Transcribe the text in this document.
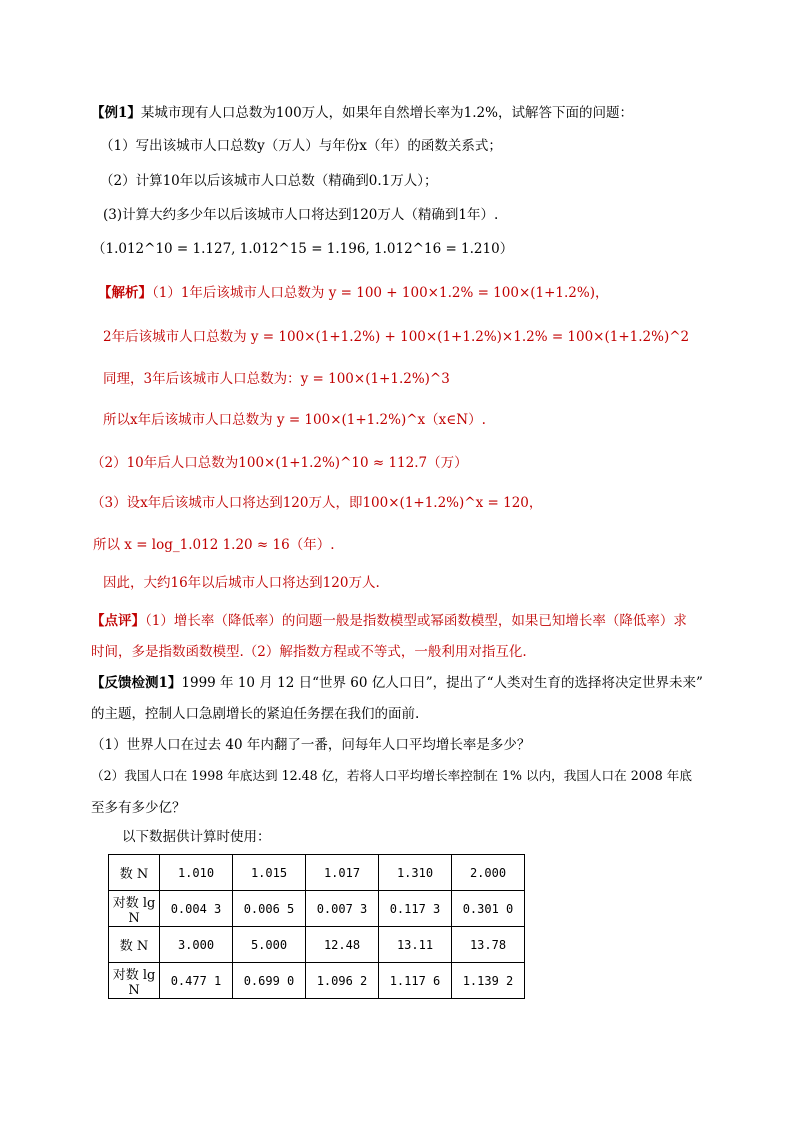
【例1】某城市现有人口总数为100万人，如果年自然增长率为1.2%，试解答下面的问题：
（1）写出该城市人口总数y（万人）与年份x（年）的函数关系式；
（2）计算10年以后该城市人口总数（精确到0.1万人）；
(3)计算大约多少年以后该城市人口将达到120万人（精确到1年）.
（1.012^10 = 1.127, 1.012^15 = 1.196, 1.012^16 = 1.210）
【解析】（1）1年后该城市人口总数为 y = 100 + 100×1.2% = 100×(1+1.2%)，
2年后该城市人口总数为 y = 100×(1+1.2%) + 100×(1+1.2%)×1.2% = 100×(1+1.2%)^2
同理，3年后该城市人口总数为：y = 100×(1+1.2%)^3
所以x年后该城市人口总数为 y = 100×(1+1.2%)^x（x∈N）.
（2）10年后人口总数为100×(1+1.2%)^10 ≈ 112.7（万）
（3）设x年后该城市人口将达到120万人，即100×(1+1.2%)^x = 120，
所以 x = log_1.012 1.20 ≈ 16（年）.
因此，大约16年以后城市人口将达到120万人.
【点评】（1）增长率（降低率）的问题一般是指数模型或幂函数模型，如果已知增长率（降低率）求
时间，多是指数函数模型.（2）解指数方程或不等式，一般利用对指互化.
【反馈检测1】1999 年 10 月 12 日“世界 60 亿人口日”，提出了“人类对生育的选择将决定世界未来”
的主题，控制人口急剧增长的紧迫任务摆在我们的面前.
（1）世界人口在过去 40 年内翻了一番，问每年人口平均增长率是多少？
（2）我国人口在 1998 年底达到 12.48 亿，若将人口平均增长率控制在 1% 以内，我国人口在 2008 年底
至多有多少亿？
以下数据供计算时使用：
数 N	1.010	1.015	1.017	1.310	2.000
对数 lg N	0.004 3	0.006 5	0.007 3	0.117 3	0.301 0
数 N	3.000	5.000	12.48	13.11	13.78
对数 lg N	0.477 1	0.699 0	1.096 2	1.117 6	1.139 2
